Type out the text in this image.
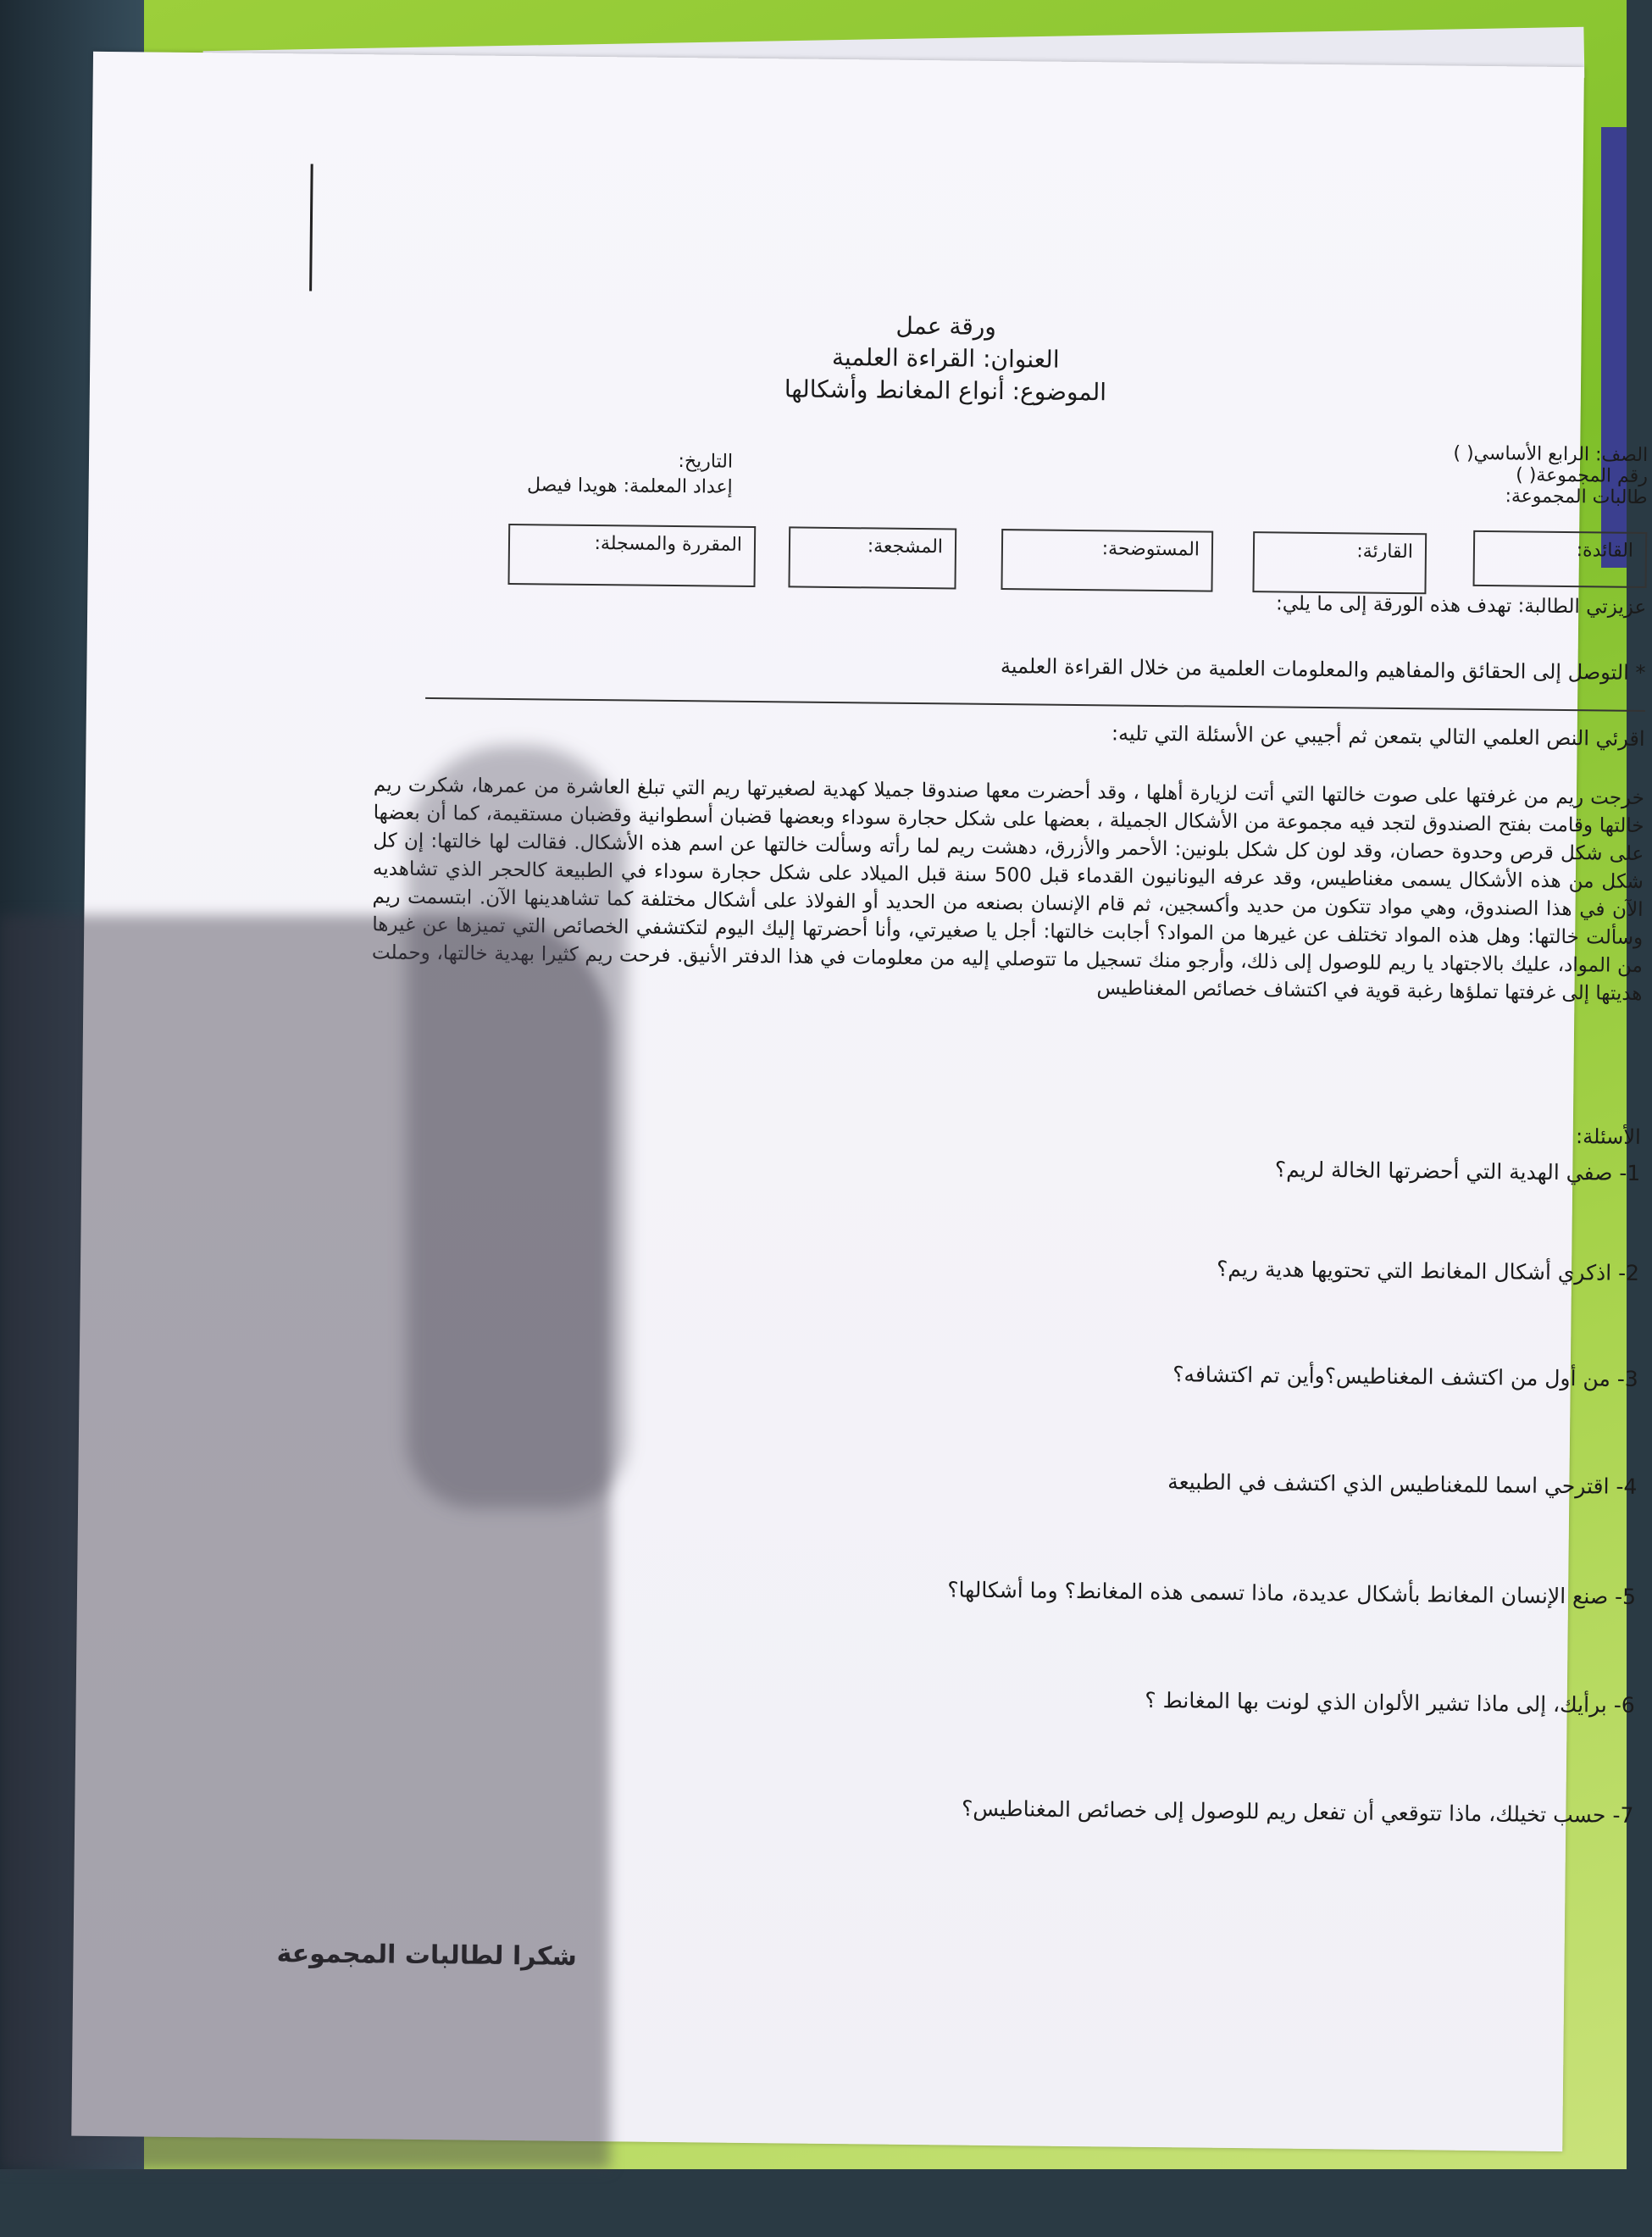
ورقة عمل
العنوان: القراءة العلمية
الموضوع: أنواع المغانط وأشكالها
الصف: الرابع الأساسي( )
رقم المجموعة( )
طالبات المجموعة:
التاريخ:
إعداد المعلمة: هويدا فيصل
القائدة:
القارئة:
المستوضحة:
المشجعة:
المقررة والمسجلة:
عزيزتي الطالبة: تهدف هذه الورقة إلى ما يلي:
* التوصل إلى الحقائق والمفاهيم والمعلومات العلمية من خلال القراءة العلمية
اقرئي النص العلمي التالي بتمعن ثم أجيبي عن الأسئلة التي تليه:
خرجت ريم من غرفتها على صوت خالتها التي أتت لزيارة أهلها ، وقد أحضرت معها صندوقا جميلا كهدية لصغيرتها ريم التي تبلغ العاشرة من عمرها، شكرت ريم خالتها وقامت بفتح الصندوق لتجد فيه مجموعة من الأشكال الجميلة ، بعضها على شكل حجارة سوداء وبعضها قضبان أسطوانية وقضبان مستقيمة، كما أن بعضها على شكل قرص وحدوة حصان، وقد لون كل شكل بلونين: الأحمر والأزرق، دهشت ريم لما رأته وسألت خالتها عن اسم هذه الأشكال. فقالت لها خالتها: إن كل شكل من هذه الأشكال يسمى مغناطيس، وقد عرفه اليونانيون القدماء قبل 500 سنة قبل الميلاد على شكل حجارة سوداء في الطبيعة كالحجر الذي تشاهديه الآن في هذا الصندوق، وهي مواد تتكون من حديد وأكسجين، ثم قام الإنسان بصنعه من الحديد أو الفولاذ على أشكال مختلفة كما تشاهدينها الآن. ابتسمت ريم وسألت خالتها: وهل هذه المواد تختلف عن غيرها من المواد؟ أجابت خالتها: أجل يا صغيرتي، وأنا أحضرتها إليك اليوم لتكتشفي الخصائص التي تميزها عن غيرها من المواد، عليك بالاجتهاد يا ريم للوصول إلى ذلك، وأرجو منك تسجيل ما تتوصلي إليه من معلومات في هذا الدفتر الأنيق. فرحت ريم كثيرا بهدية خالتها، وحملت هديتها إلى غرفتها تملؤها رغبة قوية في اكتشاف خصائص المغناطيس
الأسئلة:
1- صفي الهدية التي أحضرتها الخالة لريم؟
2- اذكري أشكال المغانط التي تحتويها هدية ريم؟
3- من أول من اكتشف المغناطيس؟وأين تم اكتشافه؟
4- اقترحي اسما للمغناطيس الذي اكتشف في الطبيعة
5- صنع الإنسان المغانط بأشكال عديدة، ماذا تسمى هذه المغانط؟ وما أشكالها؟
6- برأيك، إلى ماذا تشير الألوان الذي لونت بها المغانط ؟
7- حسب تخيلك، ماذا تتوقعي أن تفعل ريم للوصول إلى خصائص المغناطيس؟
شكرا لطالبات المجموعة
